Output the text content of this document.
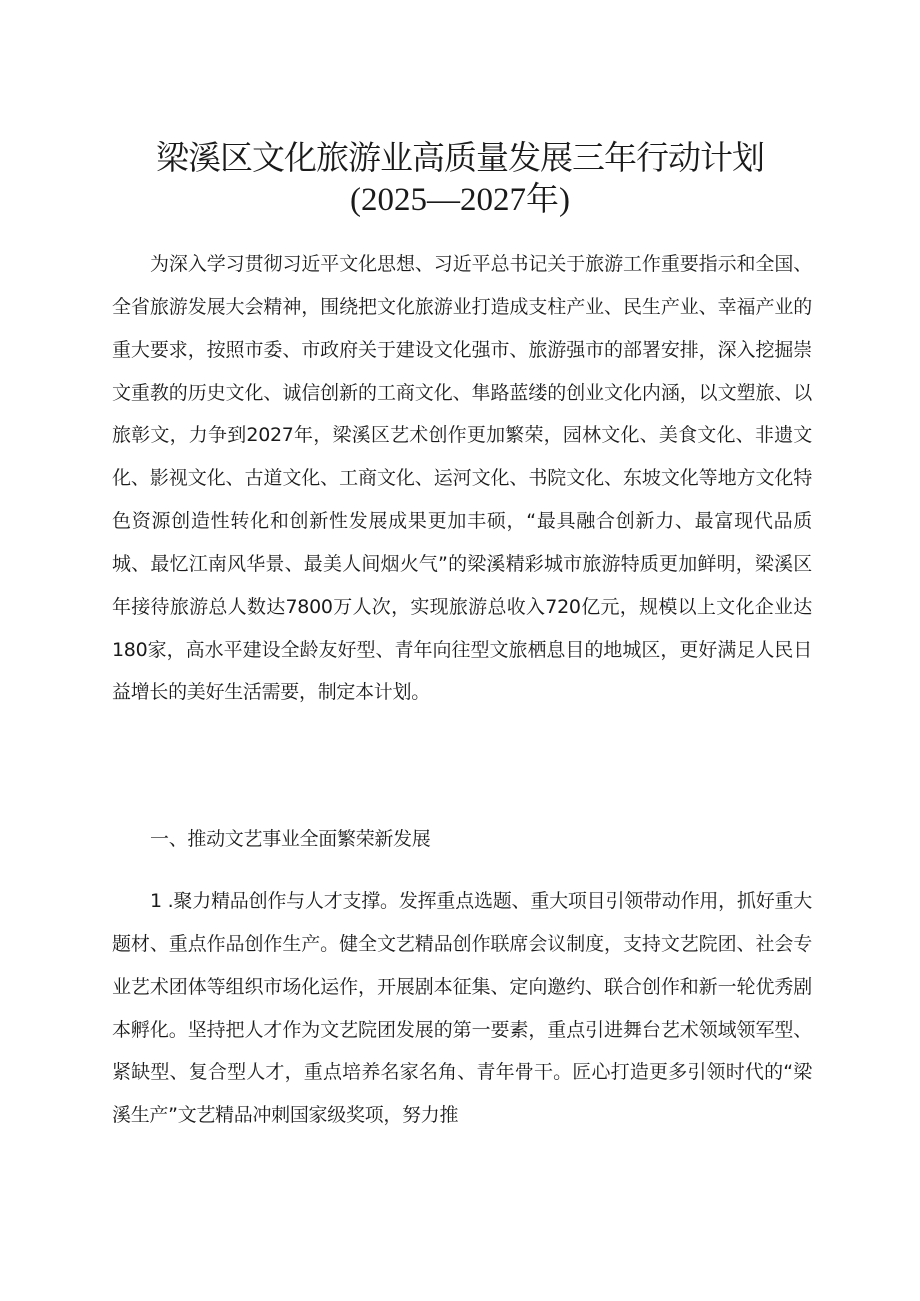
梁溪区文化旅游业高质量发展三年行动计划
(2025—2027年)

为深入学习贯彻习近平文化思想、习近平总书记关于旅游工作重要指示和全国、全省旅游发展大会精神，围绕把文化旅游业打造成支柱产业、民生产业、幸福产业的重大要求，按照市委、市政府关于建设文化强市、旅游强市的部署安排，深入挖掘崇文重教的历史文化、诚信创新的工商文化、隼路蓝缕的创业文化内涵，以文塑旅、以旅彰文，力争到2027年，梁溪区艺术创作更加繁荣，园林文化、美食文化、非遗文化、影视文化、古道文化、工商文化、运河文化、书院文化、东坡文化等地方文化特色资源创造性转化和创新性发展成果更加丰硕，“最具融合创新力、最富现代品质城、最忆江南风华景、最美人间烟火气”的梁溪精彩城市旅游特质更加鲜明，梁溪区年接待旅游总人数达7800万人次，实现旅游总收入720亿元，规模以上文化企业达180家，高水平建设全龄友好型、青年向往型文旅栖息目的地城区，更好满足人民日益增长的美好生活需要，制定本计划。

一、推动文艺事业全面繁荣新发展

1 .聚力精品创作与人才支撑。发挥重点选题、重大项目引领带动作用，抓好重大题材、重点作品创作生产。健全文艺精品创作联席会议制度，支持文艺院团、社会专业艺术团体等组织市场化运作，开展剧本征集、定向邀约、联合创作和新一轮优秀剧本孵化。坚持把人才作为文艺院团发展的第一要素，重点引进舞台艺术领域领军型、紧缺型、复合型人才，重点培养名家名角、青年骨干。匠心打造更多引领时代的“梁溪生产”文艺精品冲刺国家级奖项，努力推
